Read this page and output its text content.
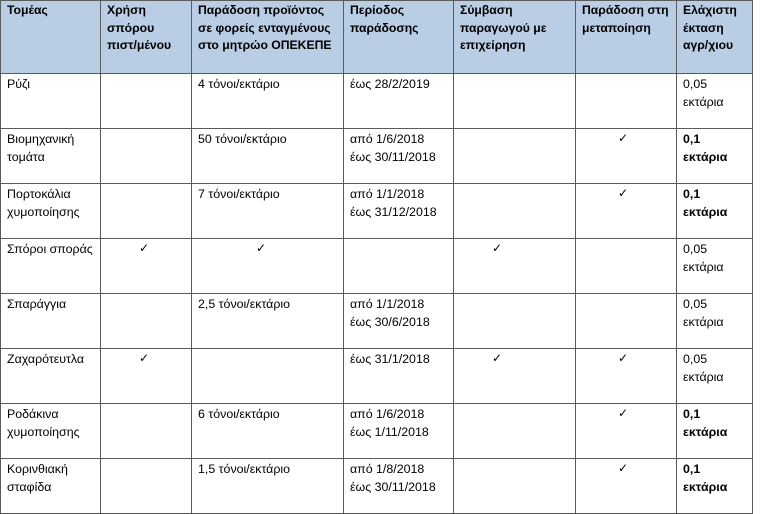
Τομέας	Χρήση σπόρου πιστ/μένου	Παράδοση προϊόντος σε φορείς ενταγμένους στο μητρώο ΟΠΕΚΕΠΕ	Περίοδος παράδοσης	Σύμβαση παραγωγού με επιχείρηση	Παράδοση στη μεταποίηση	Ελάχιστη έκταση αγρ/χιου

Ρύζι		4 τόνοι/εκτάριο	έως 28/2/2019			0,05 εκτάρια

Βιομηχανική τομάτα		50 τόνοι/εκτάριο	από 1/6/2018 έως 30/11/2018		✓	0,1 εκτάρια

Πορτοκάλια χυμοποίησης		7 τόνοι/εκτάριο	από 1/1/2018 έως 31/12/2018		✓	0,1 εκτάρια

Σπόροι σποράς	✓	✓		✓		0,05 εκτάρια

Σπαράγγια		2,5 τόνοι/εκτάριο	από 1/1/2018 έως 30/6/2018			0,05 εκτάρια

Ζαχαρότευτλα	✓		έως 31/1/2018	✓	✓	0,05 εκτάρια

Ροδάκινα χυμοποίησης		6 τόνοι/εκτάριο	από 1/6/2018 έως 1/11/2018		✓	0,1 εκτάρια

Κορινθιακή σταφίδα		1,5 τόνοι/εκτάριο	από 1/8/2018 έως 30/11/2018		✓	0,1 εκτάρια
